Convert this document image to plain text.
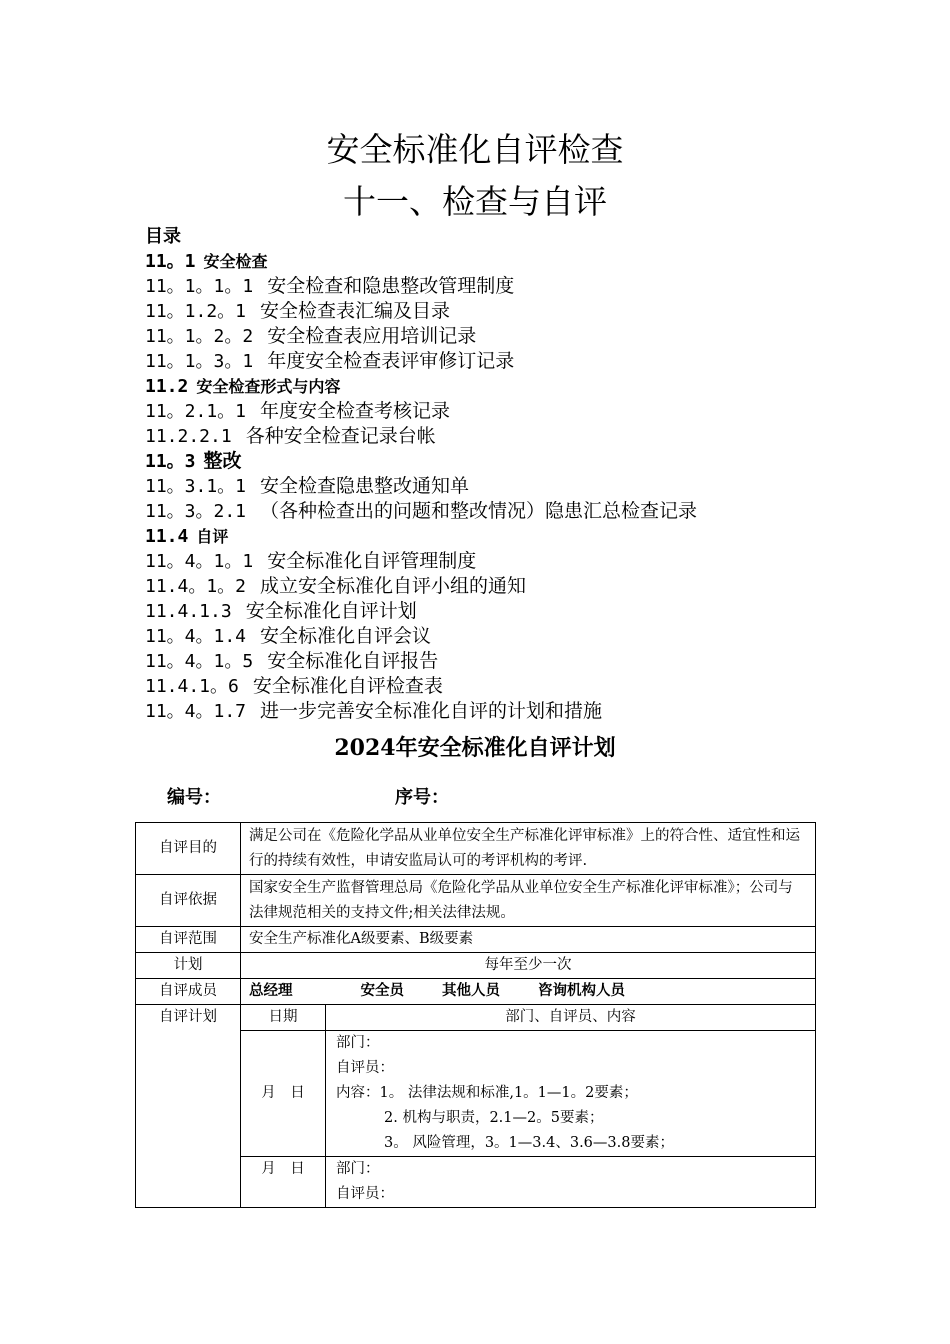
安全标准化自评检查
十一、检查与自评
目录
11。1 安全检查
11。1。1。1 安全检查和隐患整改管理制度
11。1.2。1 安全检查表汇编及目录
11。1。2。2 安全检查表应用培训记录
11。1。3。1 年度安全检查表评审修订记录
11.2 安全检查形式与内容
11。2.1。1 年度安全检查考核记录
11.2.2.1 各种安全检查记录台帐
11。3 整改
11。3.1。1 安全检查隐患整改通知单
11。3。2.1 （各种检查出的问题和整改情况）隐患汇总检查记录
11.4 自评
11。4。1。1 安全标准化自评管理制度
11.4。1。2 成立安全标准化自评小组的通知
11.4.1.3 安全标准化自评计划
11。4。1.4 安全标准化自评会议
11。4。1。5 安全标准化自评报告
11.4.1。6 安全标准化自评检查表
11。4。1.7 进一步完善安全标准化自评的计划和措施
2024年安全标准化自评计划
编号：	序号：
自评目的	满足公司在《危险化学品从业单位安全生产标准化评审标准》上的符合性、适宜性和运行的持续有效性，申请安监局认可的考评机构的考评.	
自评依据	国家安全生产监督管理总局《危险化学品从业单位安全生产标准化评审标准》；公司与法律规范相关的支持文件;相关法律法规。	
自评范围	安全生产标准化A级要素、B级要素	
计划	每年至少一次	
自评成员	总经理 安全员 其他人员 咨询机构人员	
自评计划	日期	部门、自评员、内容
	月　日	部门：
自评员：
内容：1。 法律法规和标准,1。1—1。2要素；
2. 机构与职责，2.1—2。5要素；
3。 风险管理，3。1—3.4、3.6—3.8要素；

	月　日	部门：
自评员：
